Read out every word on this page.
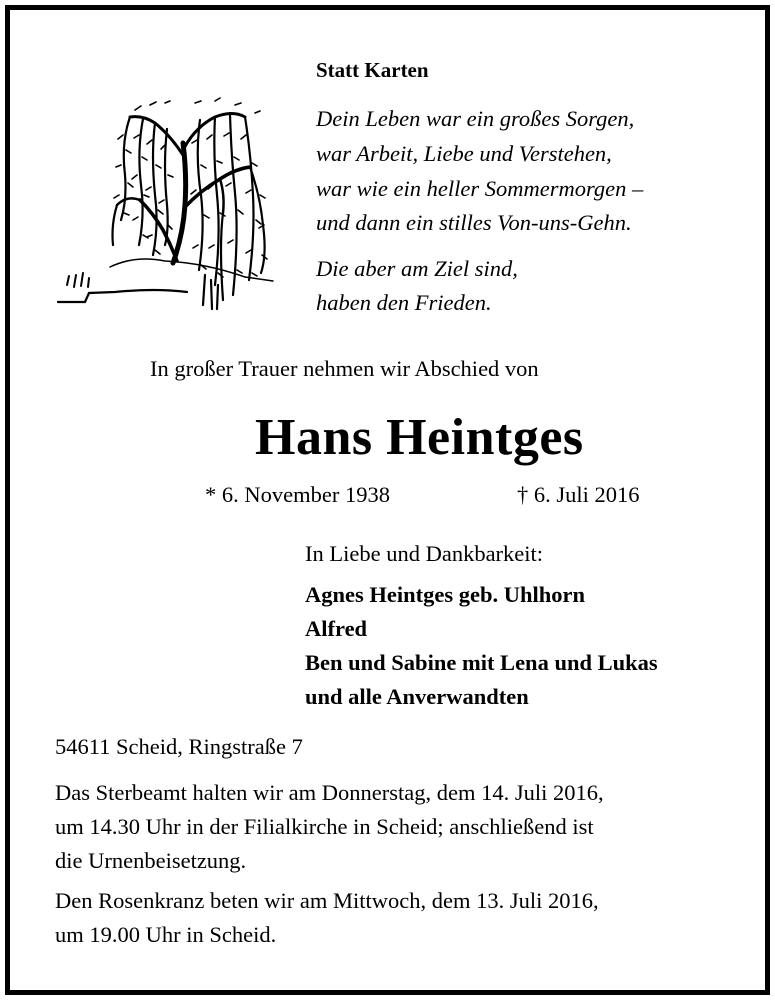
Statt Karten
Dein Leben war ein großes Sorgen,
war Arbeit, Liebe und Verstehen,
war wie ein heller Sommermorgen –
und dann ein stilles Von-uns-Gehn.
Die aber am Ziel sind,
haben den Frieden.
In großer Trauer nehmen wir Abschied von
Hans Heintges
* 6. November 1938	† 6. Juli 2016
In Liebe und Dankbarkeit:
Agnes Heintges geb. Uhlhorn
Alfred
Ben und Sabine mit Lena und Lukas
und alle Anverwandten
54611 Scheid, Ringstraße 7
Das Sterbeamt halten wir am Donnerstag, dem 14. Juli 2016,
um 14.30 Uhr in der Filialkirche in Scheid; anschließend ist
die Urnenbeisetzung.
Den Rosenkranz beten wir am Mittwoch, dem 13. Juli 2016,
um 19.00 Uhr in Scheid.
